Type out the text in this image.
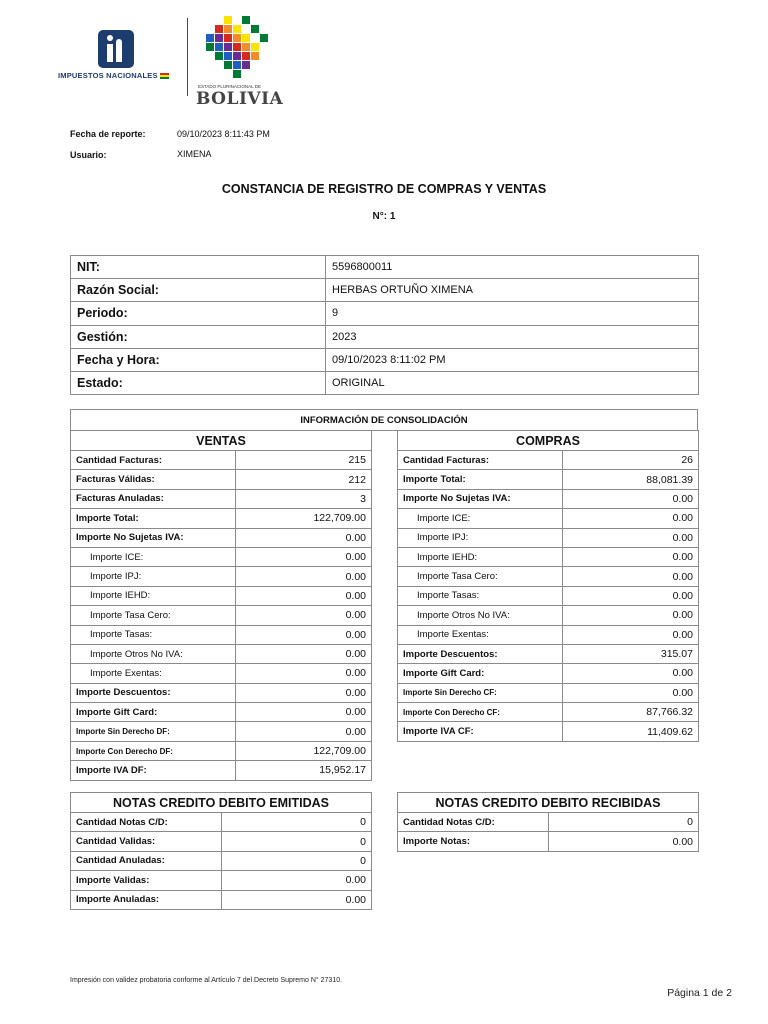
IMPUESTOS NACIONALES
ESTADO PLURINACIONAL DE
BOLIVIA
Fecha de reporte:	09/10/2023 8:11:43 PM
Usuario:	XIMENA
CONSTANCIA DE REGISTRO DE COMPRAS Y VENTAS
N°: 1
NIT:	5596800011
Razón Social:	HERBAS ORTUÑO XIMENA
Periodo:	9
Gestión:	2023
Fecha y Hora:	09/10/2023 8:11:02 PM
Estado:	ORIGINAL
INFORMACIÓN DE CONSOLIDACIÓN
VENTAS	
Cantidad Facturas:	215
Facturas Válidas:	212
Facturas Anuladas:	3
Importe Total:	122,709.00
Importe No Sujetas IVA:	0.00
Importe ICE:	0.00
Importe IPJ:	0.00
Importe IEHD:	0.00
Importe Tasa Cero:	0.00
Importe Tasas:	0.00
Importe Otros No IVA:	0.00
Importe Exentas:	0.00
Importe Descuentos:	0.00
Importe Gift Card:	0.00
Importe Sin Derecho DF:	0.00
Importe Con Derecho DF:	122,709.00
Importe IVA DF:	15,952.17
COMPRAS	
Cantidad Facturas:	26
Importe Total:	88,081.39
Importe No Sujetas IVA:	0.00
Importe ICE:	0.00
Importe IPJ:	0.00
Importe IEHD:	0.00
Importe Tasa Cero:	0.00
Importe Tasas:	0.00
Importe Otros No IVA:	0.00
Importe Exentas:	0.00
Importe Descuentos:	315.07
Importe Gift Card:	0.00
Importe Sin Derecho CF:	0.00
Importe Con Derecho CF:	87,766.32
Importe IVA CF:	11,409.62
NOTAS CREDITO DEBITO EMITIDAS	
Cantidad Notas C/D:	0
Cantidad Validas:	0
Cantidad Anuladas:	0
Importe Validas:	0.00
Importe Anuladas:	0.00
NOTAS CREDITO DEBITO RECIBIDAS	
Cantidad Notas C/D:	0
Importe Notas:	0.00
Impresión con validez probatoria conforme al Artículo 7 del Decreto Supremo N° 27310.
Página 1 de 2
